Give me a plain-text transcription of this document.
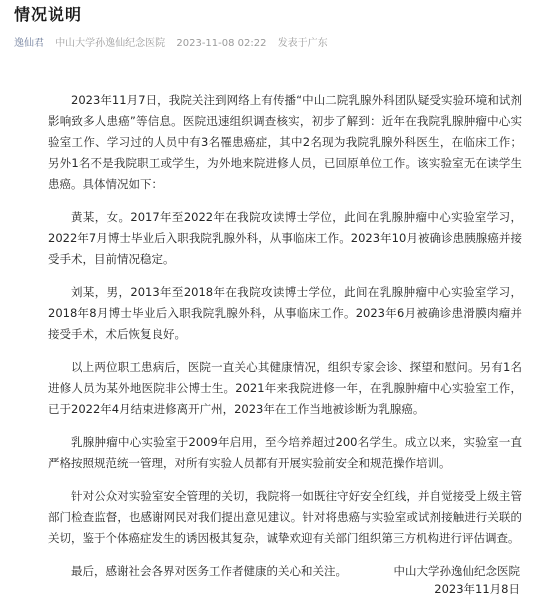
情况说明
逸仙君 中山大学孙逸仙纪念医院 2023-11-08 02:22 发表于广东

2023年11月7日，我院关注到网络上有传播“中山二院乳腺外科团队疑受实验环境和试剂影响致多人患癌”等信息。医院迅速组织调查核实，初步了解到：近年在我院乳腺肿瘤中心实验室工作、学习过的人员中有3名罹患癌症，其中2名现为我院乳腺外科医生，在临床工作；另外1名不是我院职工或学生，为外地来院进修人员，已回原单位工作。该实验室无在读学生患癌。具体情况如下：

黄某，女。2017年至2022年在我院攻读博士学位，此间在乳腺肿瘤中心实验室学习，2022年7月博士毕业后入职我院乳腺外科，从事临床工作。2023年10月被确诊患胰腺癌并接受手术，目前情况稳定。

刘某，男，2013年至2018年在我院攻读博士学位，此间在乳腺肿瘤中心实验室学习，2018年8月博士毕业后入职我院乳腺外科，从事临床工作。2023年6月被确诊患滑膜肉瘤并接受手术，术后恢复良好。

以上两位职工患病后，医院一直关心其健康情况，组织专家会诊、探望和慰问。另有1名进修人员为某外地医院非公博士生。2021年来我院进修一年，在乳腺肿瘤中心实验室工作，已于2022年4月结束进修离开广州，2023年在工作当地被诊断为乳腺癌。

乳腺肿瘤中心实验室于2009年启用，至今培养超过200名学生。成立以来，实验室一直严格按照规范统一管理，对所有实验人员都有开展实验前安全和规范操作培训。

针对公众对实验室安全管理的关切，我院将一如既往守好安全红线，并自觉接受上级主管部门检查监督，也感谢网民对我们提出意见建议。针对将患癌与实验室或试剂接触进行关联的关切，鉴于个体癌症发生的诱因极其复杂，诚挚欢迎有关部门组织第三方机构进行评估调查。

最后，感谢社会各界对医务工作者健康的关心和关注。	中山大学孙逸仙纪念医院
2023年11月8日
